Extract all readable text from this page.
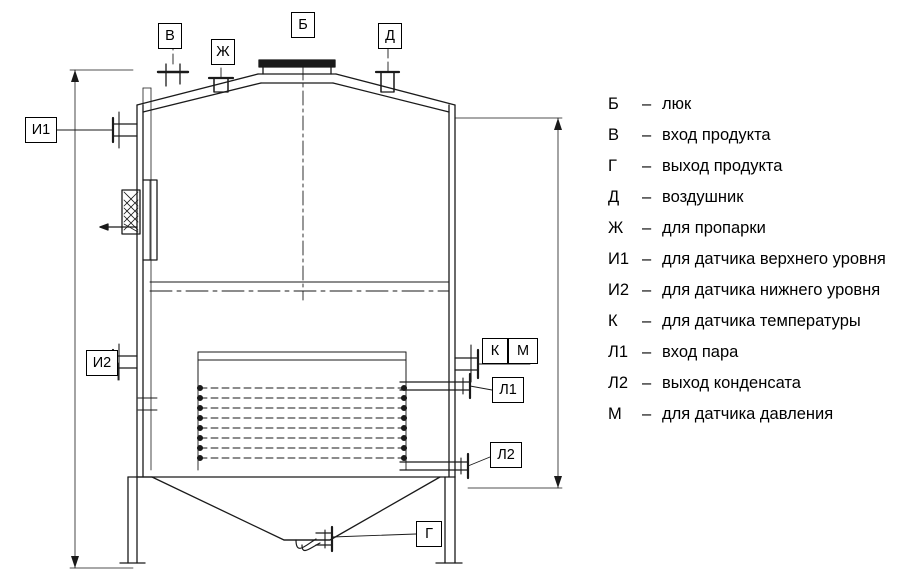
В
Ж
Б
Д
И1
И2
К	М
Л1
Л2
Г
Б	– люк
В	– вход продукта
Г	– выход продукта
Д	– воздушник
Ж	– для пропарки
И1 – для датчика верхнего уровня
И2 – для датчика нижнего уровня
К	– для датчика температуры
Л1 – вход пара
Л2 – выход конденсата
М	– для датчика давления
